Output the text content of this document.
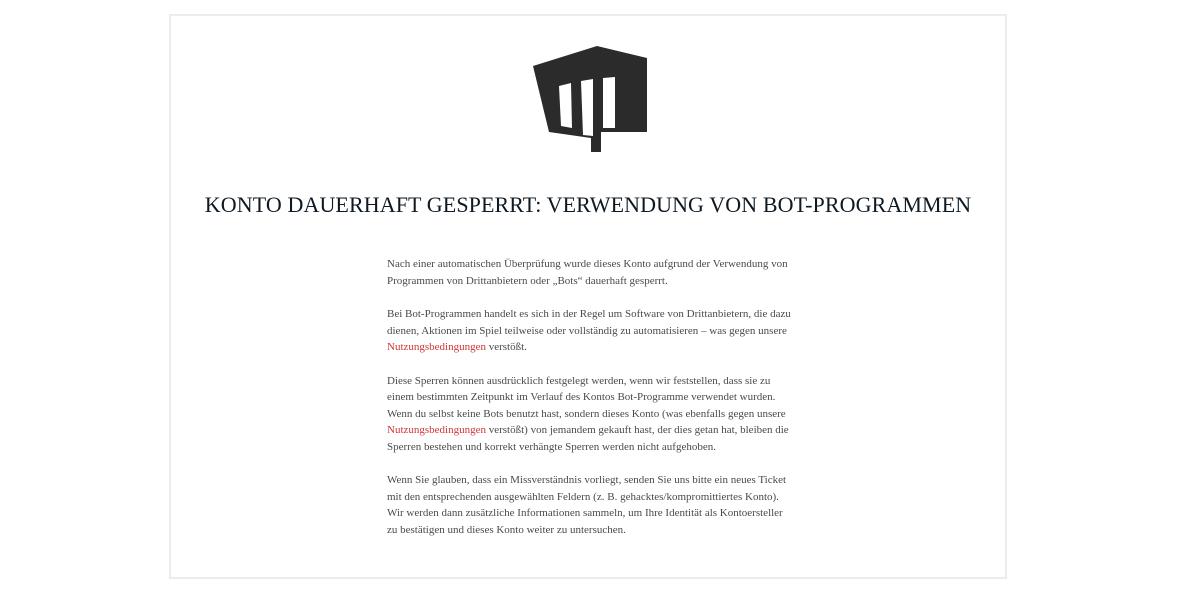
KONTO DAUERHAFT GESPERRT: VERWENDUNG VON BOT-PROGRAMMEN

Nach einer automatischen Überprüfung wurde dieses Konto aufgrund der Verwendung von Programmen von Drittanbietern oder „Bots“ dauerhaft gesperrt.

Bei Bot-Programmen handelt es sich in der Regel um Software von Drittanbietern, die dazu dienen, Aktionen im Spiel teilweise oder vollständig zu automatisieren – was gegen unsere Nutzungsbedingungen verstößt.

Diese Sperren können ausdrücklich festgelegt werden, wenn wir feststellen, dass sie zu einem bestimmten Zeitpunkt im Verlauf des Kontos Bot-Programme verwendet wurden. Wenn du selbst keine Bots benutzt hast, sondern dieses Konto (was ebenfalls gegen unsere Nutzungsbedingungen verstößt) von jemandem gekauft hast, der dies getan hat, bleiben die Sperren bestehen und korrekt verhängte Sperren werden nicht aufgehoben.

Wenn Sie glauben, dass ein Missverständnis vorliegt, senden Sie uns bitte ein neues Ticket mit den entsprechenden ausgewählten Feldern (z. B. gehacktes/kompromittiertes Konto). Wir werden dann zusätzliche Informationen sammeln, um Ihre Identität als Kontoersteller zu bestätigen und dieses Konto weiter zu untersuchen.
